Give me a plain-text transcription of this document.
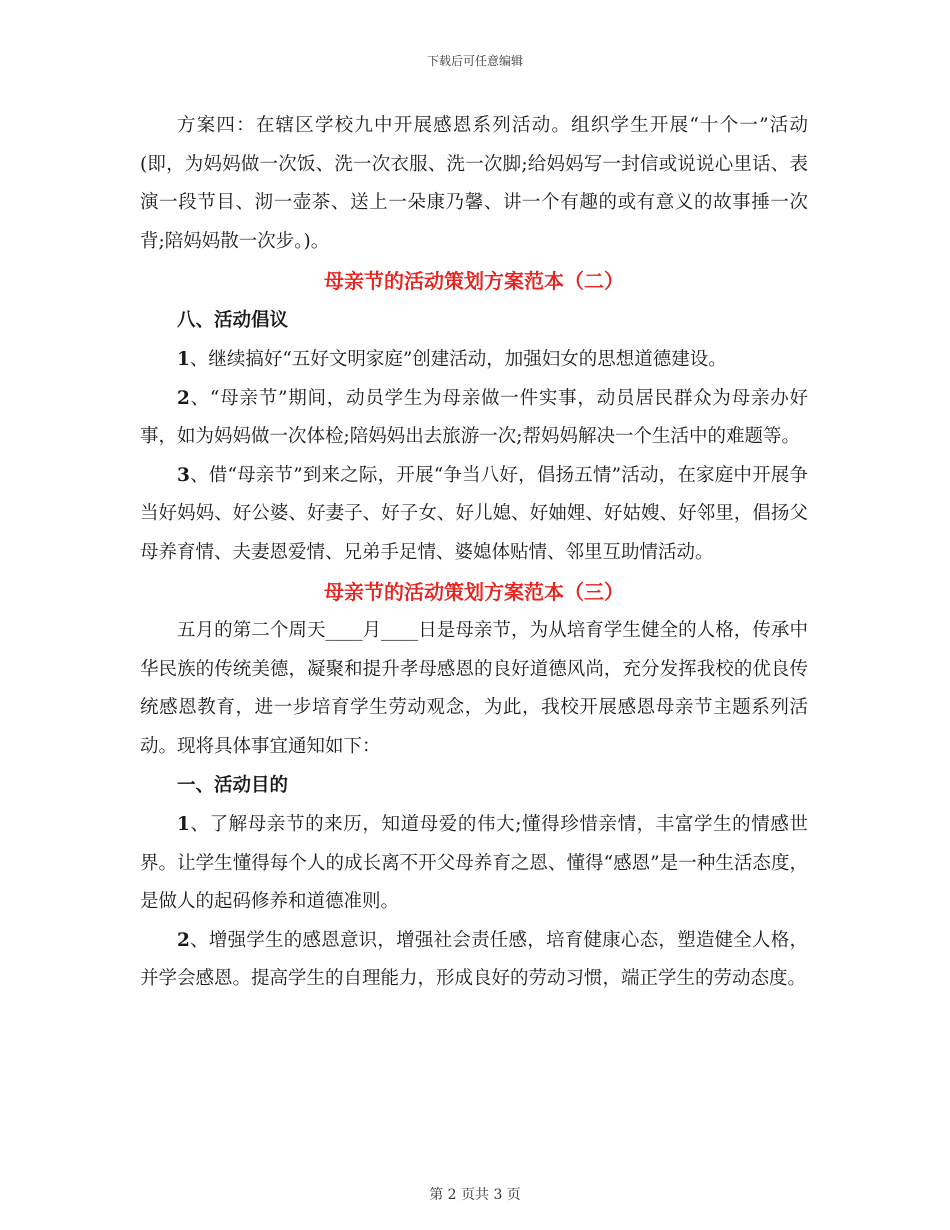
下载后可任意编辑

方案四：在辖区学校九中开展感恩系列活动。组织学生开展“十个一”活动(即，为妈妈做一次饭、洗一次衣服、洗一次脚;给妈妈写一封信或说说心里话、表演一段节目、沏一壶茶、送上一朵康乃馨、讲一个有趣的或有意义的故事捶一次背;陪妈妈散一次步。)。

母亲节的活动策划方案范本（二）
八、活动倡议

1、继续搞好“五好文明家庭”创建活动，加强妇女的思想道德建设。

2、“母亲节”期间，动员学生为母亲做一件实事，动员居民群众为母亲办好事，如为妈妈做一次体检;陪妈妈出去旅游一次;帮妈妈解决一个生活中的难题等。

3、借“母亲节”到来之际，开展“争当八好，倡扬五情”活动，在家庭中开展争当好妈妈、好公婆、好妻子、好子女、好儿媳、好妯娌、好姑嫂、好邻里，倡扬父母养育情、夫妻恩爱情、兄弟手足情、婆媳体贴情、邻里互助情活动。

母亲节的活动策划方案范本（三）

五月的第二个周天____月____日是母亲节，为从培育学生健全的人格，传承中华民族的传统美德，凝聚和提升孝母感恩的良好道德风尚，充分发挥我校的优良传统感恩教育，进一步培育学生劳动观念，为此，我校开展感恩母亲节主题系列活动。现将具体事宜通知如下：

一、活动目的

1、了解母亲节的来历，知道母爱的伟大;懂得珍惜亲情，丰富学生的情感世界。让学生懂得每个人的成长离不开父母养育之恩、懂得“感恩”是一种生活态度，是做人的起码修养和道德准则。

2、增强学生的感恩意识，增强社会责任感，培育健康心态，塑造健全人格，并学会感恩。提高学生的自理能力，形成良好的劳动习惯，端正学生的劳动态度。

第 2 页共 3 页
